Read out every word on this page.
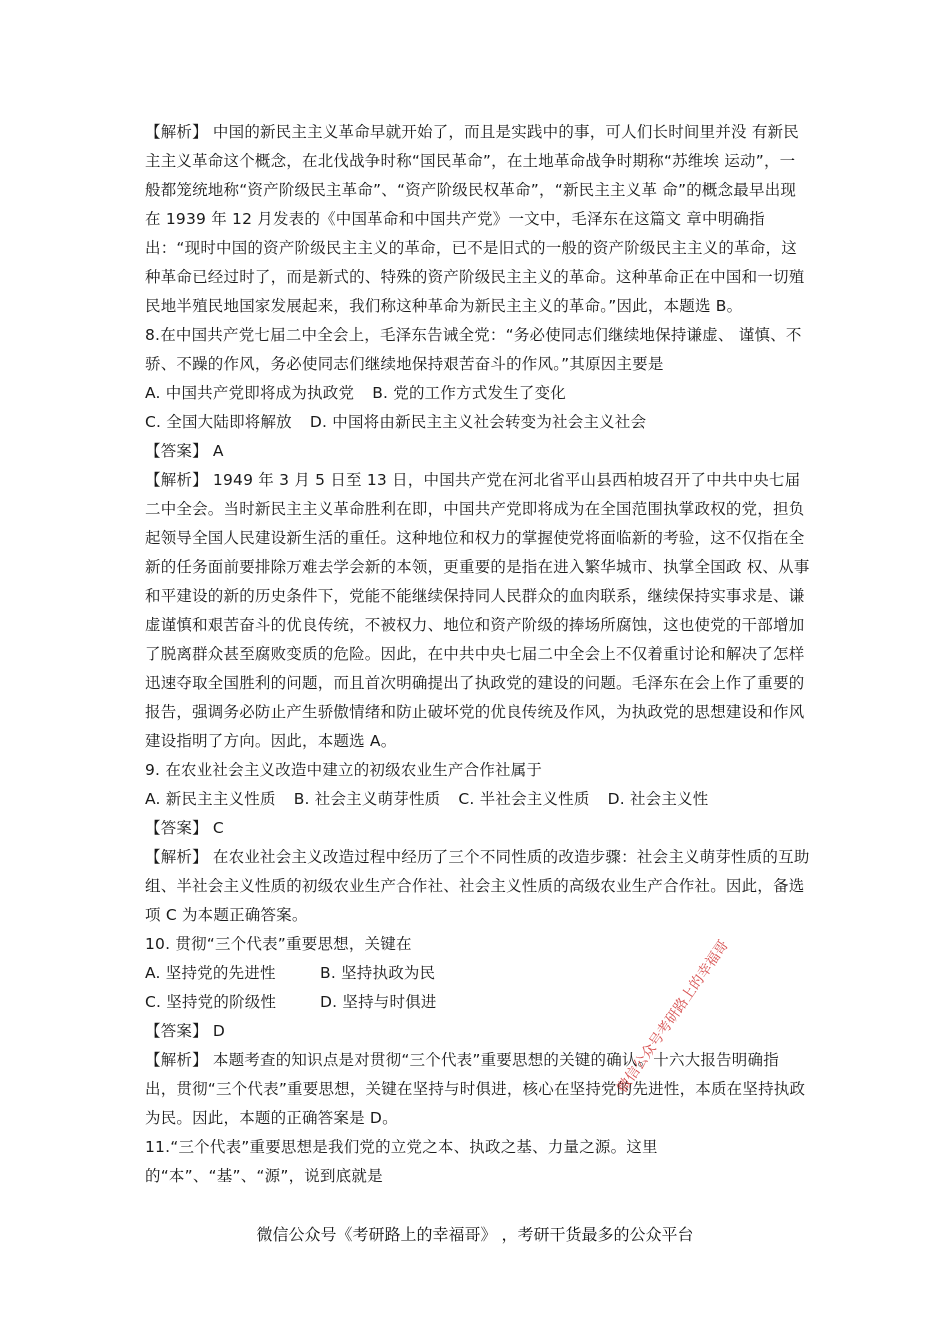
【解析】 中国的新民主主义革命早就开始了，而且是实践中的事，可人们长时间里并没 有新民主主义革命这个概念，在北伐战争时称“国民革命”，在土地革命战争时期称“苏维埃 运动”，一般都笼统地称“资产阶级民主革命”、“资产阶级民权革命”，“新民主主义革 命”的概念最早出现在 1939 年 12 月发表的《中国革命和中国共产党》一文中，毛泽东在这篇文 章中明确指出：“现时中国的资产阶级民主主义的革命，已不是旧式的一般的资产阶级民主主义的革命，这种革命已经过时了，而是新式的、特殊的资产阶级民主主义的革命。这种革命正在中国和一切殖民地半殖民地国家发展起来，我们称这种革命为新民主主义的革命。”因此，本题选 B。

8.在中国共产党七届二中全会上，毛泽东告诫全党：“务必使同志们继续地保持谦虚、 谨慎、不骄、不躁的作风，务必使同志们继续地保持艰苦奋斗的作风。”其原因主要是

A. 中国共产党即将成为执政党 B. 党的工作方式发生了变化

C. 全国大陆即将解放 D. 中国将由新民主主义社会转变为社会主义社会

【答案】 A

【解析】 1949 年 3 月 5 日至 13 日，中国共产党在河北省平山县西柏坡召开了中共中央七届 二中全会。当时新民主主义革命胜利在即，中国共产党即将成为在全国范围执掌政权的党，担负起领导全国人民建设新生活的重任。这种地位和权力的掌握使党将面临新的考验，这不仅指在全新的任务面前要排除万难去学会新的本领，更重要的是指在进入繁华城市、执掌全国政 权、从事和平建设的新的历史条件下，党能不能继续保持同人民群众的血肉联系，继续保持实事求是、谦虚谨慎和艰苦奋斗的优良传统，不被权力、地位和资产阶级的捧场所腐蚀，这也使党的干部增加了脱离群众甚至腐败变质的危险。因此，在中共中央七届二中全会上不仅着重讨论和解决了怎样迅速夺取全国胜利的问题，而且首次明确提出了执政党的建设的问题。毛泽东在会上作了重要的报告，强调务必防止产生骄傲情绪和防止破坏党的优良传统及作风，为执政党的思想建设和作风建设指明了方向。因此，本题选 A。

9. 在农业社会主义改造中建立的初级农业生产合作社属于

A. 新民主主义性质 B. 社会主义萌芽性质 C. 半社会主义性质 D. 社会主义性

【答案】 C

【解析】 在农业社会主义改造过程中经历了三个不同性质的改造步骤：社会主义萌芽性质的互助组、半社会主义性质的初级农业生产合作社、社会主义性质的高级农业生产合作社。因此，备选项 C 为本题正确答案。

10. 贯彻“三个代表”重要思想，关键在

A. 坚持党的先进性	B. 坚持执政为民

C. 坚持党的阶级性	D. 坚持与时俱进

【答案】 D

【解析】 本题考查的知识点是对贯彻“三个代表”重要思想的关键的确认。十六大报告明确指出，贯彻“三个代表”重要思想，关键在坚持与时俱进，核心在坚持党的先进性，本质在坚持执政为民。因此，本题的正确答案是 D。

11.“三个代表”重要思想是我们党的立党之本、执政之基、力量之源。这里的“本”、“基”、“源”，说到底就是

微信公众号考研路上的幸福哥
微信公众号《考研路上的幸福哥》 ，考研干货最多的公众平台
